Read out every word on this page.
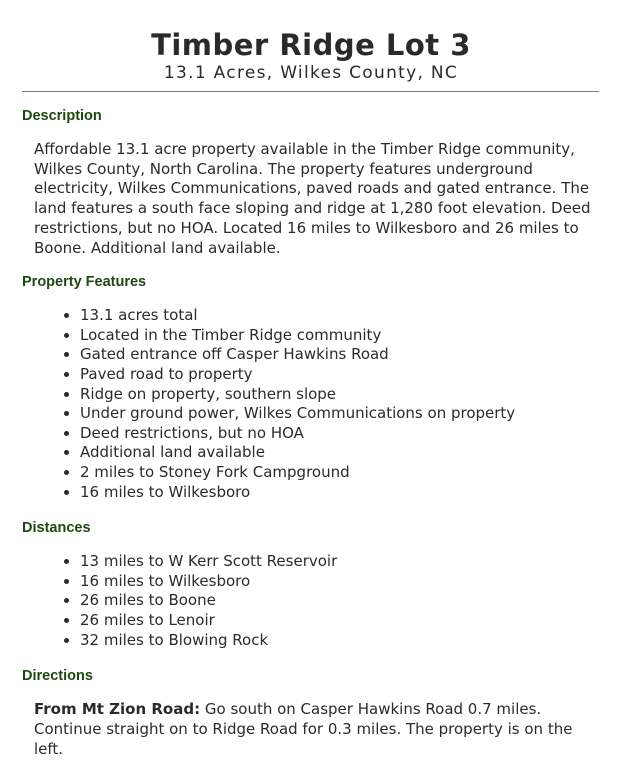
Timber Ridge Lot 3
13.1 Acres, Wilkes County, NC
Description

Affordable 13.1 acre property available in the Timber Ridge community, Wilkes County, North Carolina. The property features underground electricity, Wilkes Communications, paved roads and gated entrance. The land features a south face sloping and ridge at 1,280 foot elevation. Deed restrictions, but no HOA. Located 16 miles to Wilkesboro and 26 miles to Boone. Additional land available.

Property Features
• 13.1 acres total
• Located in the Timber Ridge community
• Gated entrance off Casper Hawkins Road
• Paved road to property
• Ridge on property, southern slope
• Under ground power, Wilkes Communications on property
• Deed restrictions, but no HOA
• Additional land available
• 2 miles to Stoney Fork Campground
• 16 miles to Wilkesboro
Distances
• 13 miles to W Kerr Scott Reservoir
• 16 miles to Wilkesboro
• 26 miles to Boone
• 26 miles to Lenoir
• 32 miles to Blowing Rock
Directions

From Mt Zion Road: Go south on Casper Hawkins Road 0.7 miles. Continue straight on to Ridge Road for 0.3 miles. The property is on the left.
